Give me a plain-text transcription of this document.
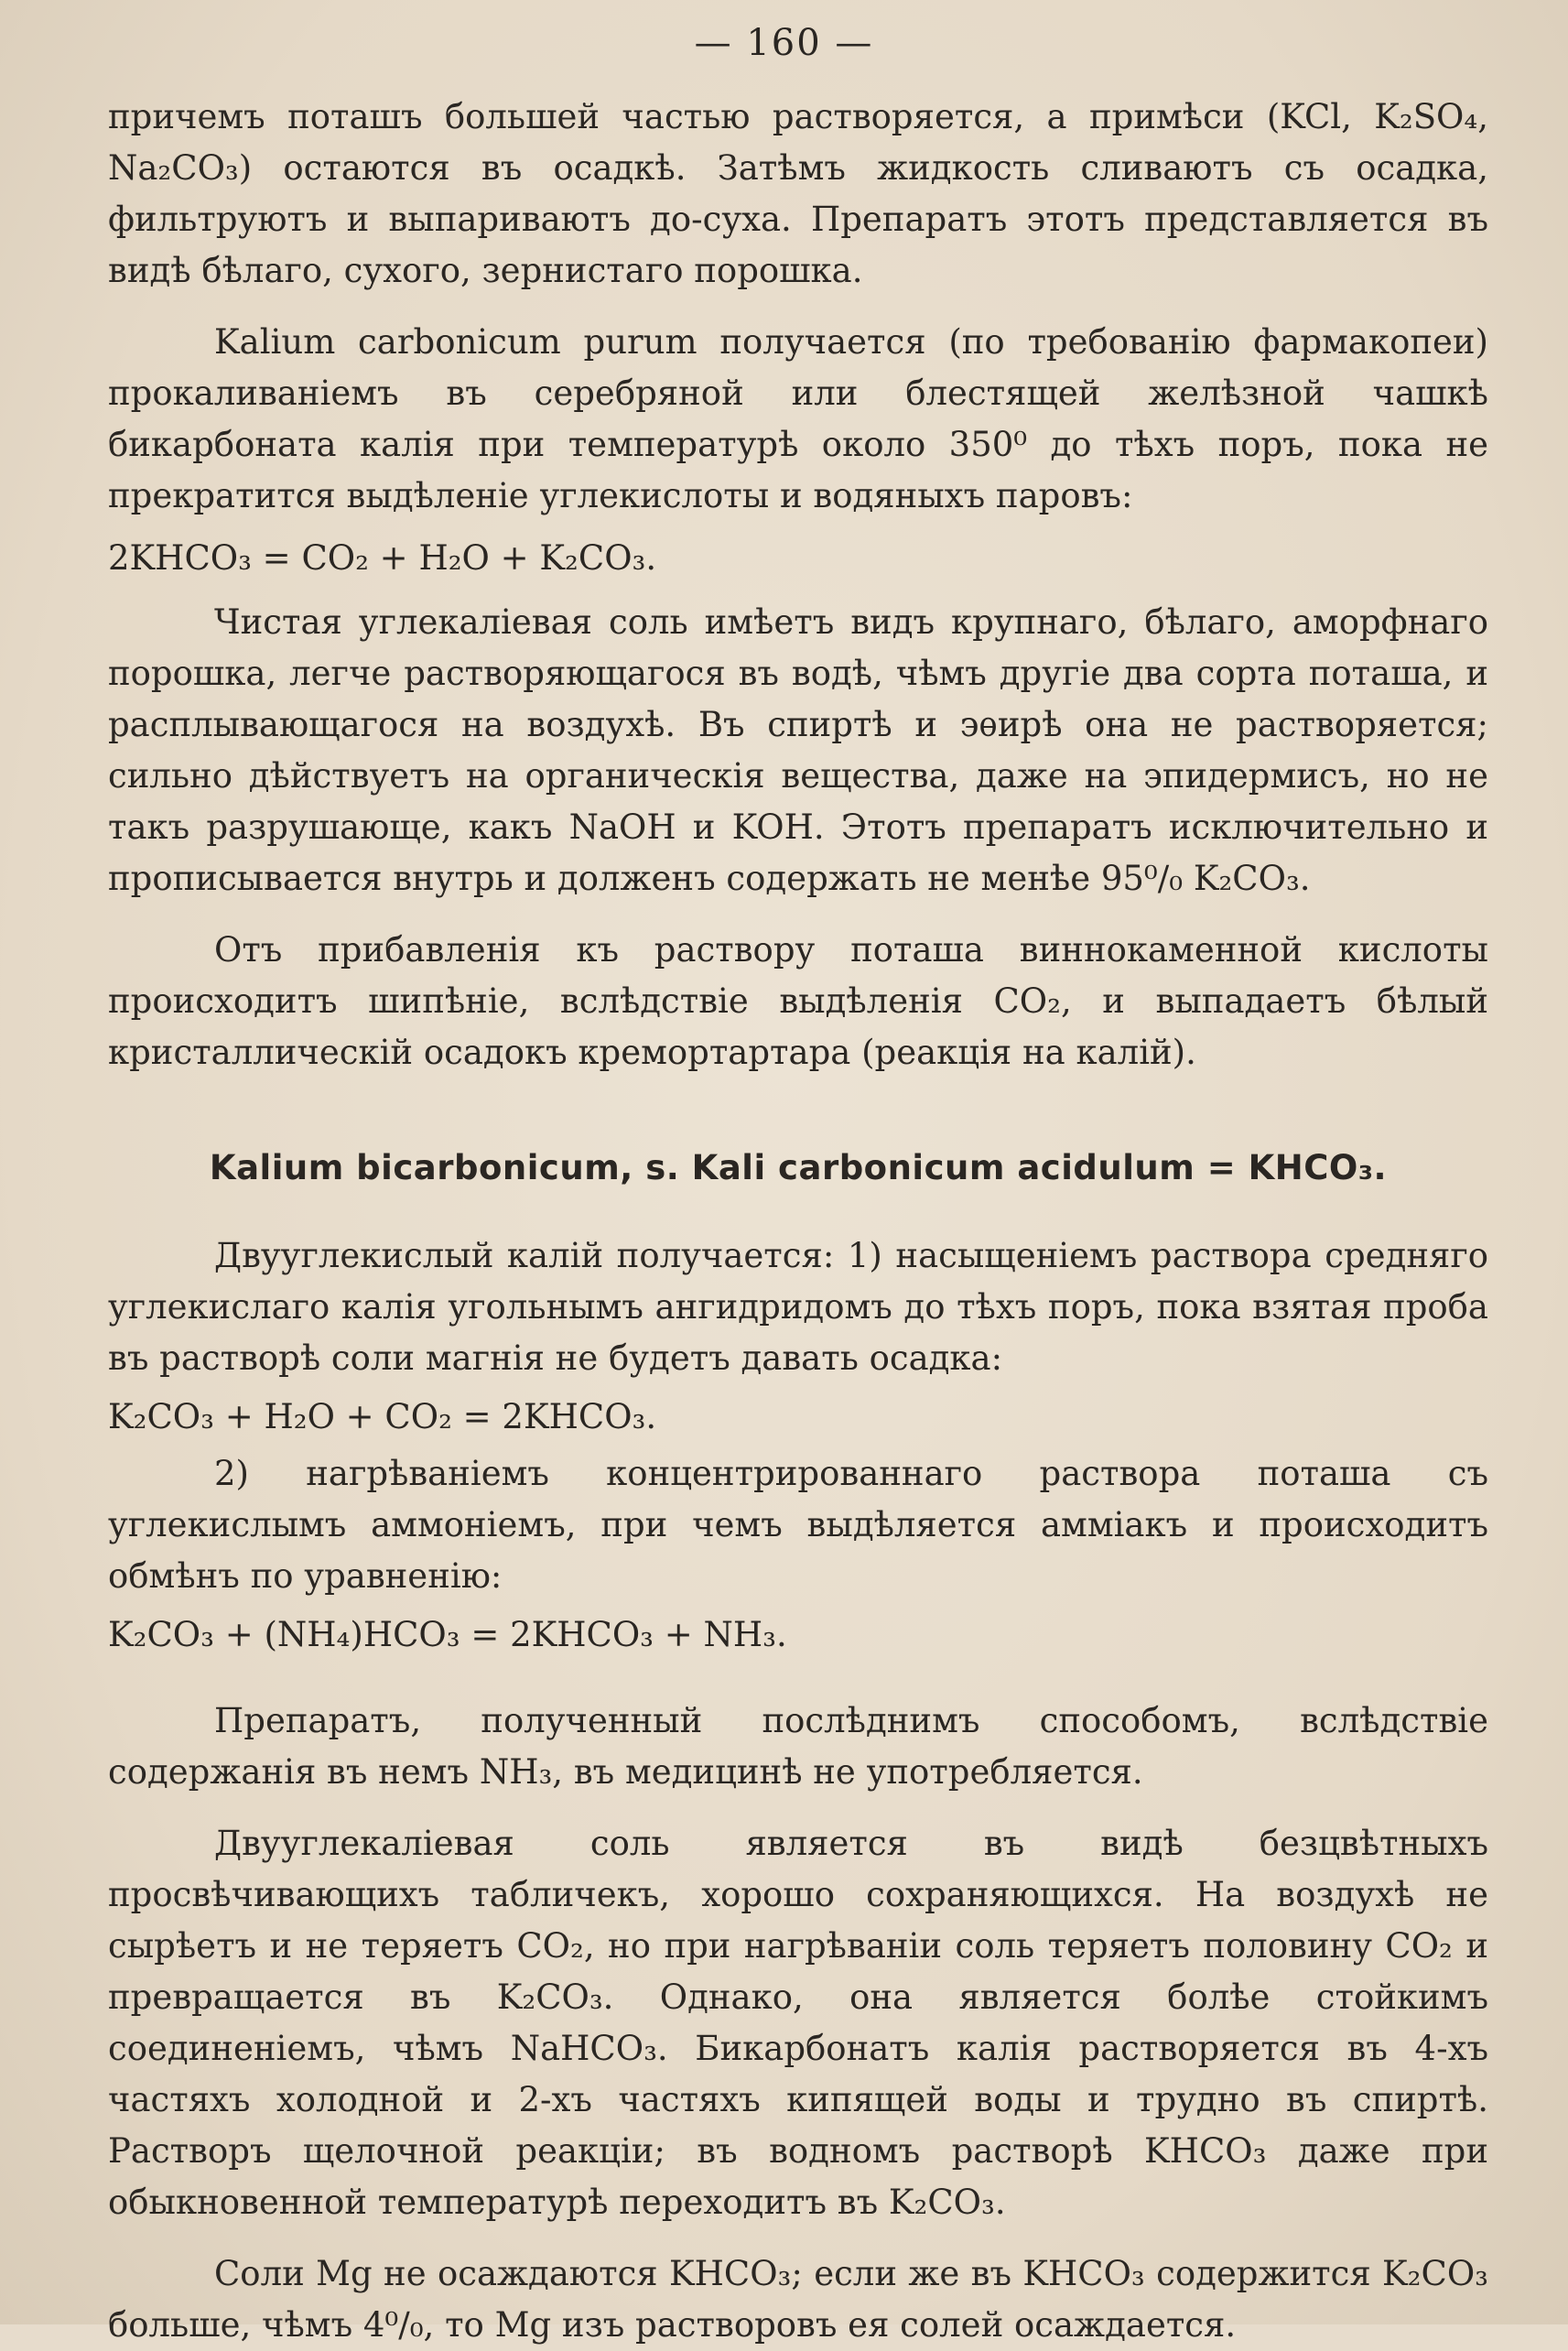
— 160 —

причемъ поташъ большей частью растворяется, а примѣси (KCl, K₂SO₄, Na₂CO₃) остаются въ осадкѣ. Затѣмъ жидкость сливаютъ съ осадка, фильтруютъ и выпариваютъ до-суха. Препаратъ этотъ представляется въ видѣ бѣлаго, сухого, зернистаго порошка.

Kalium carbonicum purum получается (по требованію фармакопеи) прокаливаніемъ въ серебряной или блестящей желѣзной чашкѣ бикарбоната калія при температурѣ около 350⁰ до тѣхъ поръ, пока не прекратится выдѣленіе углекислоты и водяныхъ паровъ:

2KHCO₃ = CO₂ + H₂O + K₂CO₃.

Чистая углекаліевая соль имѣетъ видъ крупнаго, бѣлаго, аморфнаго порошка, легче растворяющагося въ водѣ, чѣмъ другіе два сорта поташа, и расплывающагося на воздухѣ. Въ спиртѣ и эѳирѣ она не растворяется; сильно дѣйствуетъ на органическія вещества, даже на эпидермисъ, но не такъ разрушающе, какъ NaOH и KOH. Этотъ препаратъ исключительно и прописывается внутрь и долженъ содержать не менѣе 95⁰/₀ K₂CO₃.

Отъ прибавленія къ раствору поташа виннокаменной кислоты происходитъ шипѣніе, вслѣдствіе выдѣленія CO₂, и выпадаетъ бѣлый кристаллическій осадокъ кремортартара (реакція на калій).

Kalium bicarbonicum, s. Kali carbonicum acidulum = KHCO₃.

Двууглекислый калій получается: 1) насыщеніемъ раствора средняго углекислаго калія угольнымъ ангидридомъ до тѣхъ поръ, пока взятая проба въ растворѣ соли магнія не будетъ давать осадка:

K₂CO₃ + H₂O + CO₂ = 2KHCO₃.

2) нагрѣваніемъ концентрированнаго раствора поташа съ углекислымъ аммоніемъ, при чемъ выдѣляется амміакъ и происходитъ обмѣнъ по уравненію:

K₂CO₃ + (NH₄)HCO₃ = 2KHCO₃ + NH₃.

Препаратъ, полученный послѣднимъ способомъ, вслѣдствіе содержанія въ немъ NH₃, въ медицинѣ не употребляется.

Двууглекаліевая соль является въ видѣ безцвѣтныхъ просвѣчивающихъ табличекъ, хорошо сохраняющихся. На воздухѣ не сырѣетъ и не теряетъ CO₂, но при нагрѣваніи соль теряетъ половину CO₂ и превращается въ K₂CO₃. Однако, она является болѣе стойкимъ соединеніемъ, чѣмъ NaHCO₃. Бикарбонатъ калія растворяется въ 4-хъ частяхъ холодной и 2-хъ частяхъ кипящей воды и трудно въ спиртѣ. Растворъ щелочной реакціи; въ водномъ растворѣ KHCO₃ даже при обыкновенной температурѣ переходитъ въ K₂CO₃.

Соли Mg не осаждаются KHCO₃; если же въ KHCO₃ содержится K₂CO₃ больше, чѣмъ 4⁰/₀, то Mg изъ растворовъ ея солей осаждается.
